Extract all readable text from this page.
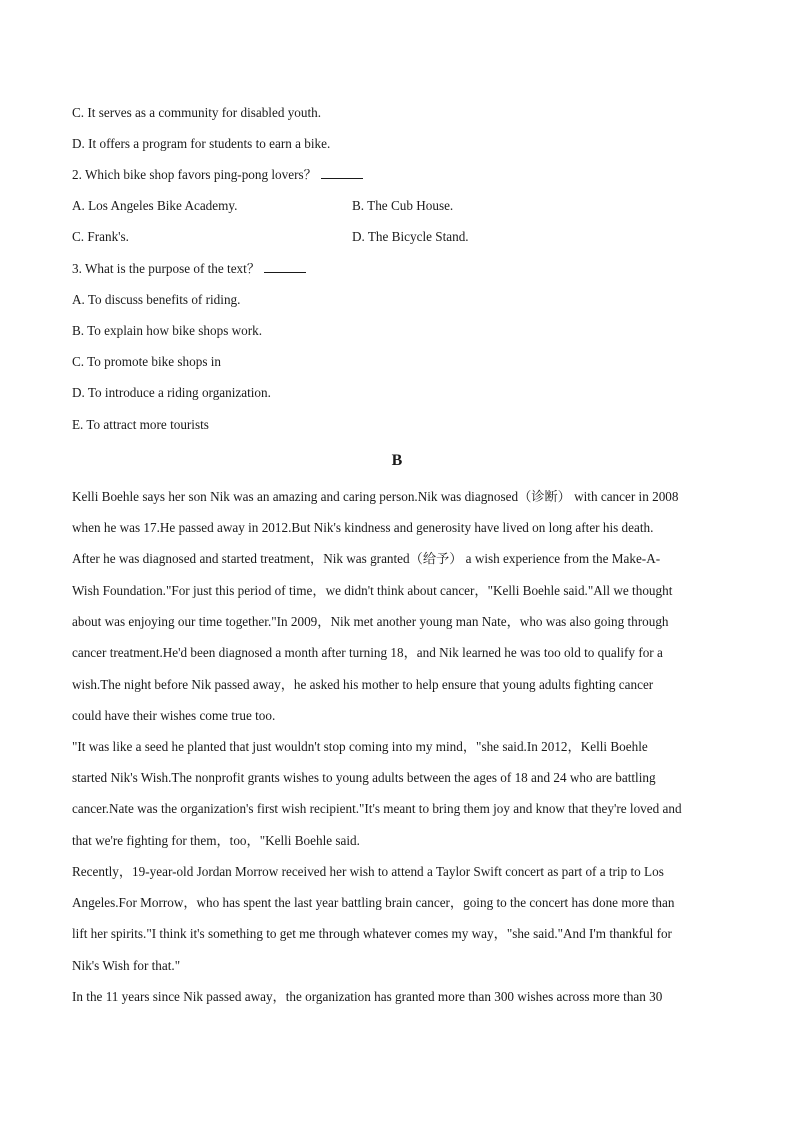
C. It serves as a community for disabled youth.
D. It offers a program for students to earn a bike.
2. Which bike shop favors ping-pong lovers？
A. Los Angeles Bike Academy.	B. The Cub House.
C. Frank's.	D. The Bicycle Stand.
3. What is the purpose of the text？
A. To discuss benefits of riding.
B. To explain how bike shops work.
C. To promote bike shops in
D. To introduce a riding organization.
E. To attract more tourists
B
Kelli Boehle says her son Nik was an amazing and caring person.Nik was diagnosed（诊断） with cancer in 2008
when he was 17.He passed away in 2012.But Nik's kindness and generosity have lived on long after his death.
After he was diagnosed and started treatment，Nik was granted（给予） a wish experience from the Make-A-
Wish Foundation."For just this period of time，we didn't think about cancer，"Kelli Boehle said."All we thought
about was enjoying our time together."In 2009，Nik met another young man Nate，who was also going through
cancer treatment.He'd been diagnosed a month after turning 18，and Nik learned he was too old to qualify for a
wish.The night before Nik passed away，he asked his mother to help ensure that young adults fighting cancer
could have their wishes come true too.
"It was like a seed he planted that just wouldn't stop coming into my mind，"she said.In 2012，Kelli Boehle
started Nik's Wish.The nonprofit grants wishes to young adults between the ages of 18 and 24 who are battling
cancer.Nate was the organization's first wish recipient."It's meant to bring them joy and know that they're loved and
that we're fighting for them，too，"Kelli Boehle said.
Recently，19-year-old Jordan Morrow received her wish to attend a Taylor Swift concert as part of a trip to Los
Angeles.For Morrow，who has spent the last year battling brain cancer，going to the concert has done more than
lift her spirits."I think it's something to get me through whatever comes my way，"she said."And I'm thankful for
Nik's Wish for that."
In the 11 years since Nik passed away，the organization has granted more than 300 wishes across more than 30
